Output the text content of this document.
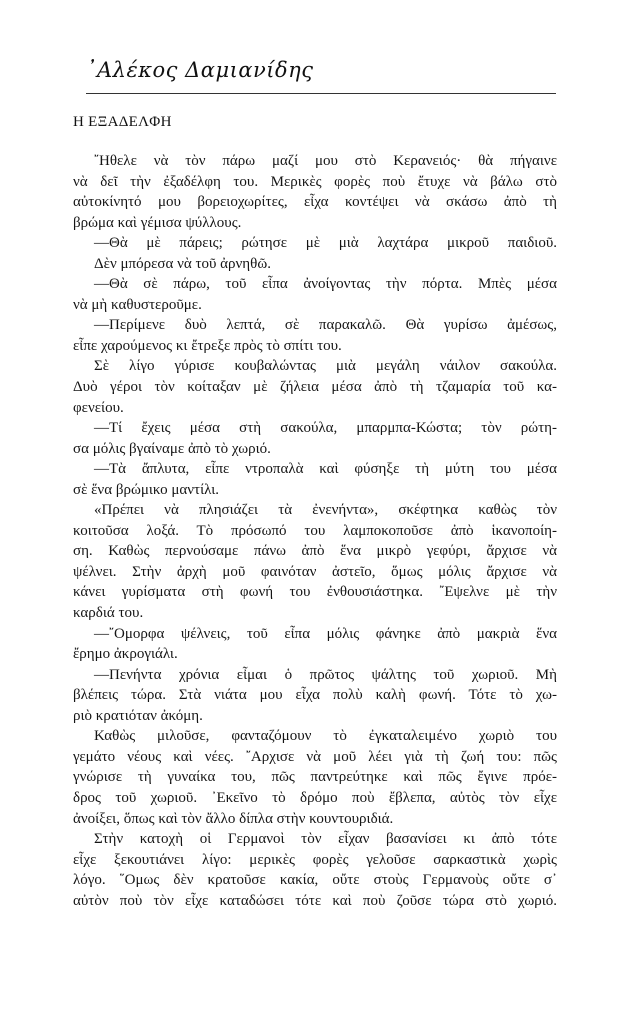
᾿Αλέκος Δαμιανίδης
Η ΕΞΑΔΕΛΦΗ
῎Ηθελε νὰ τὸν πάρω μαζί μου στὸ Κερανειός· θὰ πήγαινε
νὰ δεῖ τὴν ἐξαδέλφη του. Μερικὲς φορὲς ποὺ ἔτυχε νὰ βάλω στὸ
αὐτοκίνητό μου βορειοχωρίτες, εἶχα κοντέψει νὰ σκάσω ἀπὸ τὴ
βρώμα καὶ γέμισα ψύλλους.
—Θὰ μὲ πάρεις; ρώτησε μὲ μιὰ λαχτάρα μικροῦ παιδιοῦ.
Δὲν μπόρεσα νὰ τοῦ ἀρνηθῶ.
—Θὰ σὲ πάρω, τοῦ εἶπα ἀνοίγοντας τὴν πόρτα. Μπὲς μέσα
νὰ μὴ καθυστεροῦμε.
—Περίμενε δυὸ λεπτά, σὲ παρακαλῶ. Θὰ γυρίσω ἀμέσως,
εἶπε χαρούμενος κι ἔτρεξε πρὸς τὸ σπίτι του.
Σὲ λίγο γύρισε κουβαλώντας μιὰ μεγάλη νάιλον σακούλα.
Δυὸ γέροι τὸν κοίταξαν μὲ ζήλεια μέσα ἀπὸ τὴ τζαμαρία τοῦ κα-
φενείου.
—Τί ἔχεις μέσα στὴ σακούλα, μπαρμπα-Κώστα; τὸν ρώτη-
σα μόλις βγαίναμε ἀπὸ τὸ χωριό.
—Τὰ ἄπλυτα, εἶπε ντροπαλὰ καὶ φύσηξε τὴ μύτη του μέσα
σὲ ἕνα βρώμικο μαντίλι.
«Πρέπει νὰ πλησιάζει τὰ ἐνενήντα», σκέφτηκα καθὼς τὸν
κοιτοῦσα λοξά. Τὸ πρόσωπό του λαμποκοποῦσε ἀπὸ ἱκανοποίη-
ση. Καθὼς περνούσαμε πάνω ἀπὸ ἕνα μικρὸ γεφύρι, ἄρχισε νὰ
ψέλνει. Στὴν ἀρχὴ μοῦ φαινόταν ἀστεῖο, ὅμως μόλις ἄρχισε νὰ
κάνει γυρίσματα στὴ φωνή του ἐνθουσιάστηκα. ῎Εψελνε μὲ τὴν
καρδιά του.
—῎Ομορφα ψέλνεις, τοῦ εἶπα μόλις φάνηκε ἀπὸ μακριὰ ἕνα
ἔρημο ἀκρογιάλι.
—Πενήντα χρόνια εἶμαι ὁ πρῶτος ψάλτης τοῦ χωριοῦ. Μὴ
βλέπεις τώρα. Στὰ νιάτα μου εἶχα πολὺ καλὴ φωνή. Τότε τὸ χω-
ριὸ κρατιόταν ἀκόμη.
Καθὼς μιλοῦσε, φανταζόμουν τὸ ἐγκαταλειμένο χωριὸ του
γεμάτο νέους καὶ νέες. ῎Αρχισε νὰ μοῦ λέει γιὰ τὴ ζωή του: πῶς
γνώρισε τὴ γυναίκα του, πῶς παντρεύτηκε καὶ πῶς ἔγινε πρόε-
δρος τοῦ χωριοῦ. ᾿Εκεῖνο τὸ δρόμο ποὺ ἔβλεπα, αὐτὸς τὸν εἶχε
ἀνοίξει, ὅπως καὶ τὸν ἄλλο δίπλα στὴν κουντουριδιά.
Στὴν κατοχὴ οἱ Γερμανοὶ τὸν εἶχαν βασανίσει κι ἀπὸ τότε
εἶχε ξεκουτιάνει λίγο: μερικὲς φορὲς γελοῦσε σαρκαστικὰ χωρὶς
λόγο. ῞Ομως δὲν κρατοῦσε κακία, οὔτε στοὺς Γερμανοὺς οὔτε σ᾿
αὐτὸν ποὺ τὸν εἶχε καταδώσει τότε καὶ ποὺ ζοῦσε τώρα στὸ χωριό.
